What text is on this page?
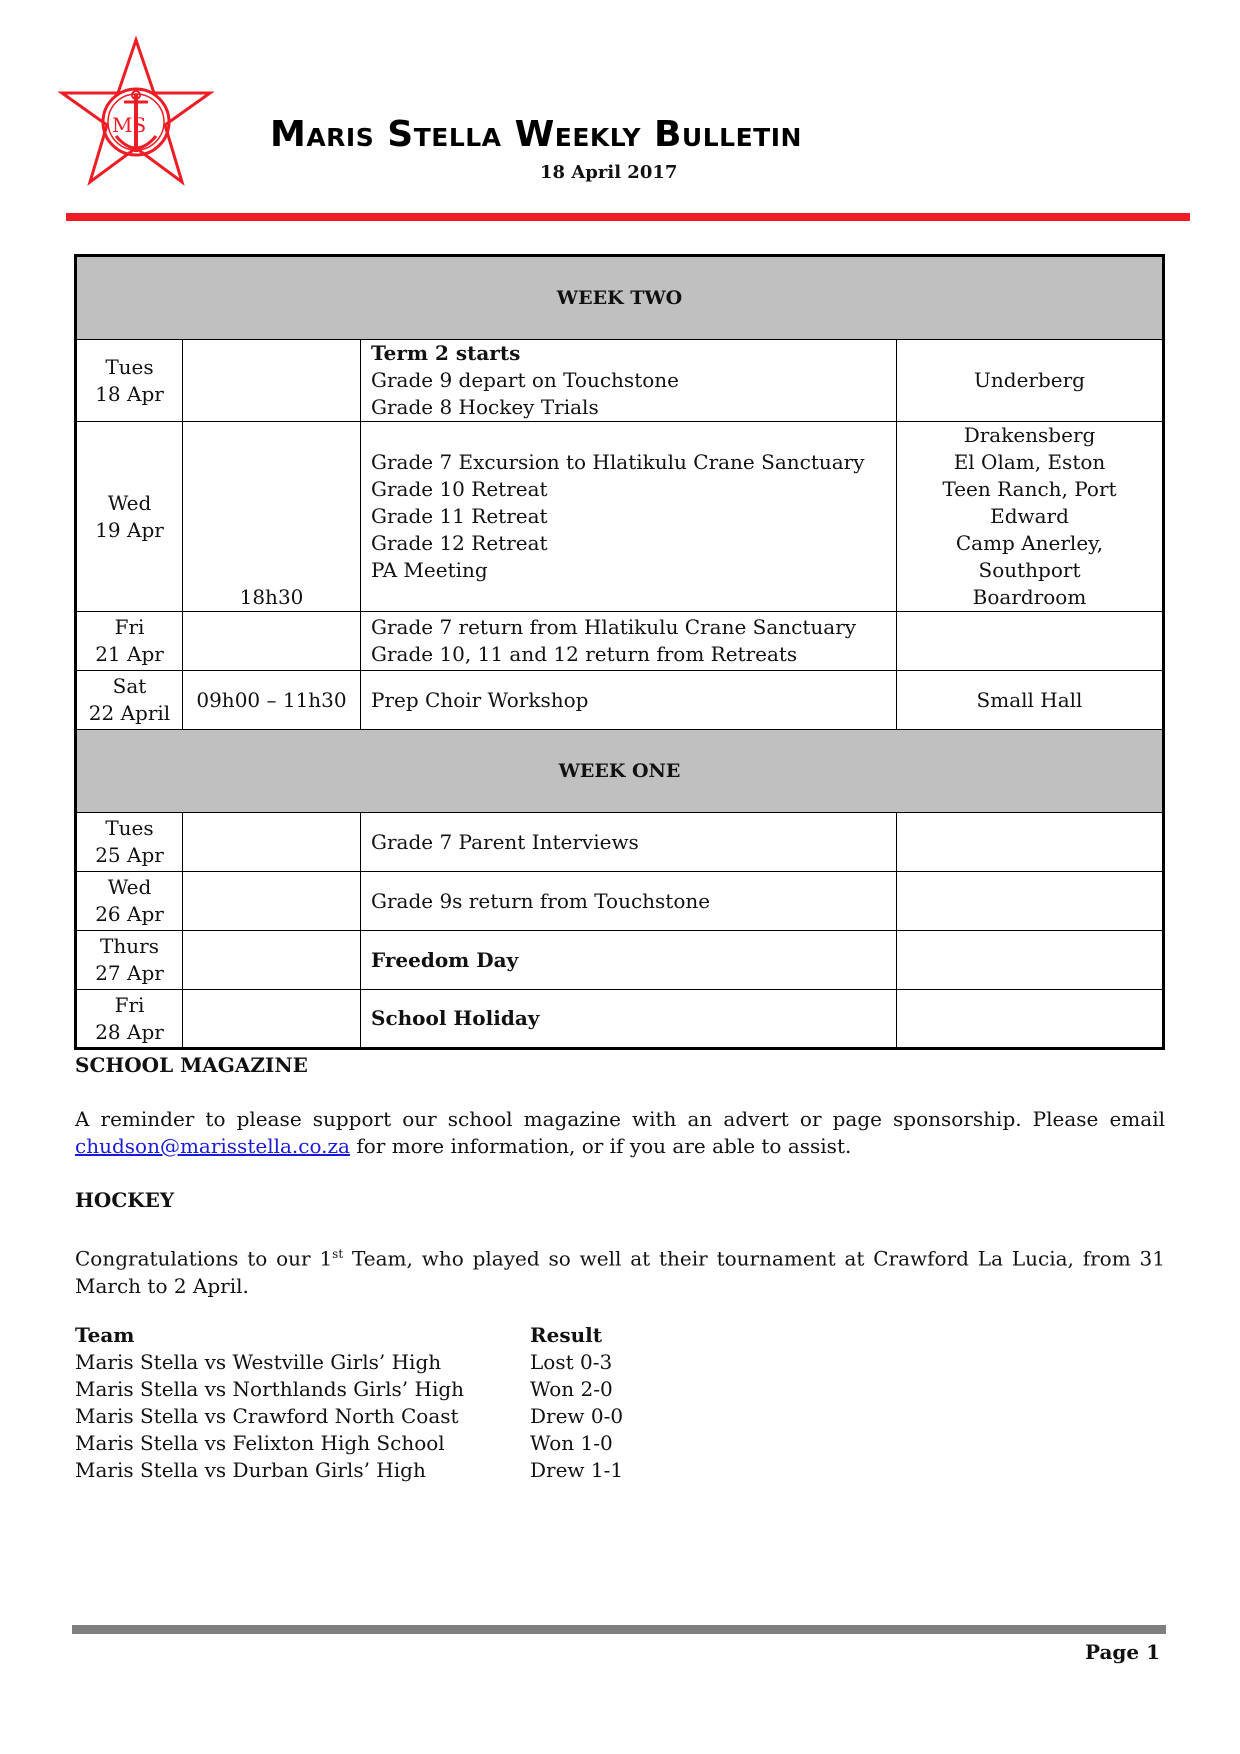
MS	Maris Stella Weekly Bulletin
18 April 2017
WEEK TWO			

Tues
18 Apr		Term 2 starts
Grade 9 depart on Touchstone
Grade 8 Hockey Trials	Underberg

Wed
19 Apr	18h30	Grade 7 Excursion to Hlatikulu Crane Sanctuary
Grade 10 Retreat
Grade 11 Retreat
Grade 12 Retreat
PA Meeting	Drakensberg
El Olam, Eston
Teen Ranch, Port Edward
Camp Anerley, Southport
Boardroom

Fri
21 Apr		Grade 7 return from Hlatikulu Crane Sanctuary
Grade 10, 11 and 12 return from Retreats	

Sat
22 April	09h00 – 11h30	Prep Choir Workshop	Small Hall
WEEK ONE			

Tues
25 Apr		Grade 7 Parent Interviews	

Wed
26 Apr		Grade 9s return from Touchstone	

Thurs
27 Apr		Freedom Day	

Fri
28 Apr		School Holiday	
SCHOOL MAGAZINE
A reminder to please support our school magazine with an advert or page sponsorship. Please email chudson@marisstella.co.za for more information, or if you are able to assist.
HOCKEY
Congratulations to our 1st Team, who played so well at their tournament at Crawford La Lucia, from 31 March to 2 April.
Team	Result
Maris Stella vs Westville Girls’ High	Lost 0-3
Maris Stella vs Northlands Girls’ High	Won 2-0
Maris Stella vs Crawford North Coast	Drew 0-0
Maris Stella vs Felixton High School	Won 1-0
Maris Stella vs Durban Girls’ High	Drew 1-1
Page 1
